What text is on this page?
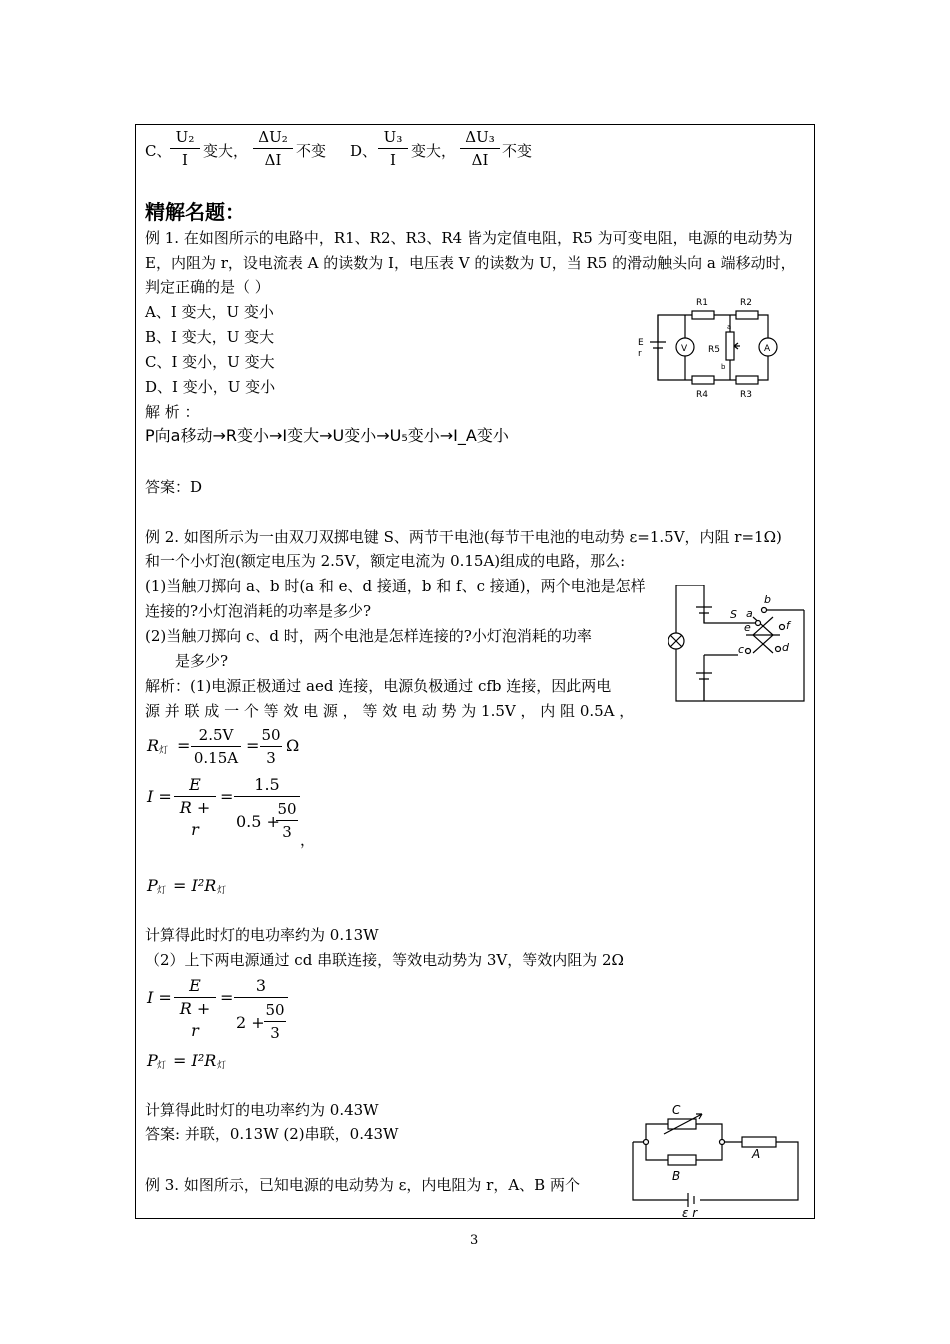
C、
U₂
I	变大，
ΔU₂
ΔI 不变 D、
U₃
I	变大，
ΔU₃
ΔI 不变
精解名题：
例 1. 在如图所示的电路中，R1、R2、R3、R4 皆为定值电阻，R5 为可变电阻，电源的电动势为
E，内阻为 r，设电流表 A 的读数为 I，电压表 V 的读数为 U，当 R5 的滑动触头向 a 端移动时，
判定正确的是（ ）
A、I 变大，U 变小
B、I 变大，U 变大
C、I 变小，U 变大
D、I 变小，U 变小
解 析 ：
P向a移动→R变小→I变大→U变小→U₅变小→I_A变小
答案：D
R1	R2
R5
R4	R3
E
r	V	A
a
b
例 2. 如图所示为一由双刀双掷电键 S、两节干电池(每节干电池的电动势 ε=1.5V，内阻 r=1Ω)
和一个小灯泡(额定电压为 2.5V，额定电流为 0.15A)组成的电路，那么:
(1)当触刀掷向 a、b 时(a 和 e、d 接通，b 和 f、c 接通)，两个电池是怎样
连接的?小灯泡消耗的功率是多少?
(2)当触刀掷向 c、d 时，两个电池是怎样连接的?小灯泡消耗的功率
是多少?
解析：(1)电源正极通过 aed 连接，电源负极通过 cfb 连接，因此两电
源 并 联 成 一 个 等 效 电 源 ， 等 效 电 动 势 为 1.5V ， 内 阻 0.5A ，
R 灯 =
2.5V
0.15A
=
50
3
Ω
I =
E
R + r
=
1.5
0.5 +
50
3 ，
P 灯 = I²R 灯
计算得此时灯的电功率约为 0.13W
（2）上下两电源通过 cd 串联连接，等效电动势为 3V，等效内阻为 2Ω
I =
E
R + r
=
3
2 +
50
3
P 灯 = I²R 灯
计算得此时灯的电功率约为 0.43W
答案: 并联，0.13W (2)串联，0.43W
S a
b
e	f
c	d
例 3. 如图所示，已知电源的电动势为 ε，内电阻为 r，A、B 两个
C
B
A
ε r
3
